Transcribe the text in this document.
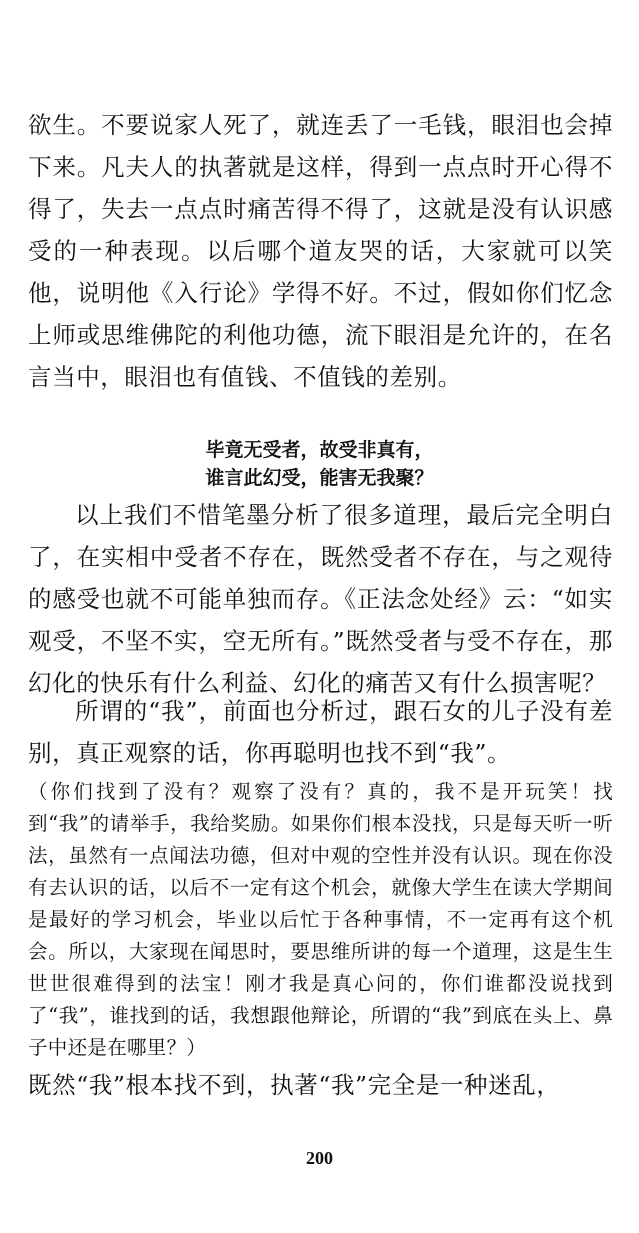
欲生。不要说家人死了，就连丢了一毛钱，眼泪也会掉下来。凡夫人的执著就是这样，得到一点点时开心得不得了，失去一点点时痛苦得不得了，这就是没有认识感受的一种表现。以后哪个道友哭的话，大家就可以笑他，说明他《入行论》学得不好。不过，假如你们忆念上师或思维佛陀的利他功德，流下眼泪是允许的，在名言当中，眼泪也有值钱、不值钱的差别。

毕竟无受者，故受非真有，

谁言此幻受，能害无我聚？

以上我们不惜笔墨分析了很多道理，最后完全明白了，在实相中受者不存在，既然受者不存在，与之观待的感受也就不可能单独而存。《正法念处经》云：“如实观受，不坚不实，空无所有。”既然受者与受不存在，那幻化的快乐有什么利益、幻化的痛苦又有什么损害呢？

所谓的“我”，前面也分析过，跟石女的儿子没有差别，真正观察的话，你再聪明也找不到“我”。
（你们找到了没有？观察了没有？真的，我不是开玩笑！找到“我”的请举手，我给奖励。如果你们根本没找，只是每天听一听法，虽然有一点闻法功德，但对中观的空性并没有认识。现在你没有去认识的话，以后不一定有这个机会，就像大学生在读大学期间是最好的学习机会，毕业以后忙于各种事情，不一定再有这个机会。所以，大家现在闻思时，要思维所讲的每一个道理，这是生生世世很难得到的法宝！刚才我是真心问的，你们谁都没说找到了“我”，谁找到的话，我想跟他辩论，所谓的“我”到底在头上、鼻子中还是在哪里？）
既然“我”根本找不到，执著“我”完全是一种迷乱，
200
